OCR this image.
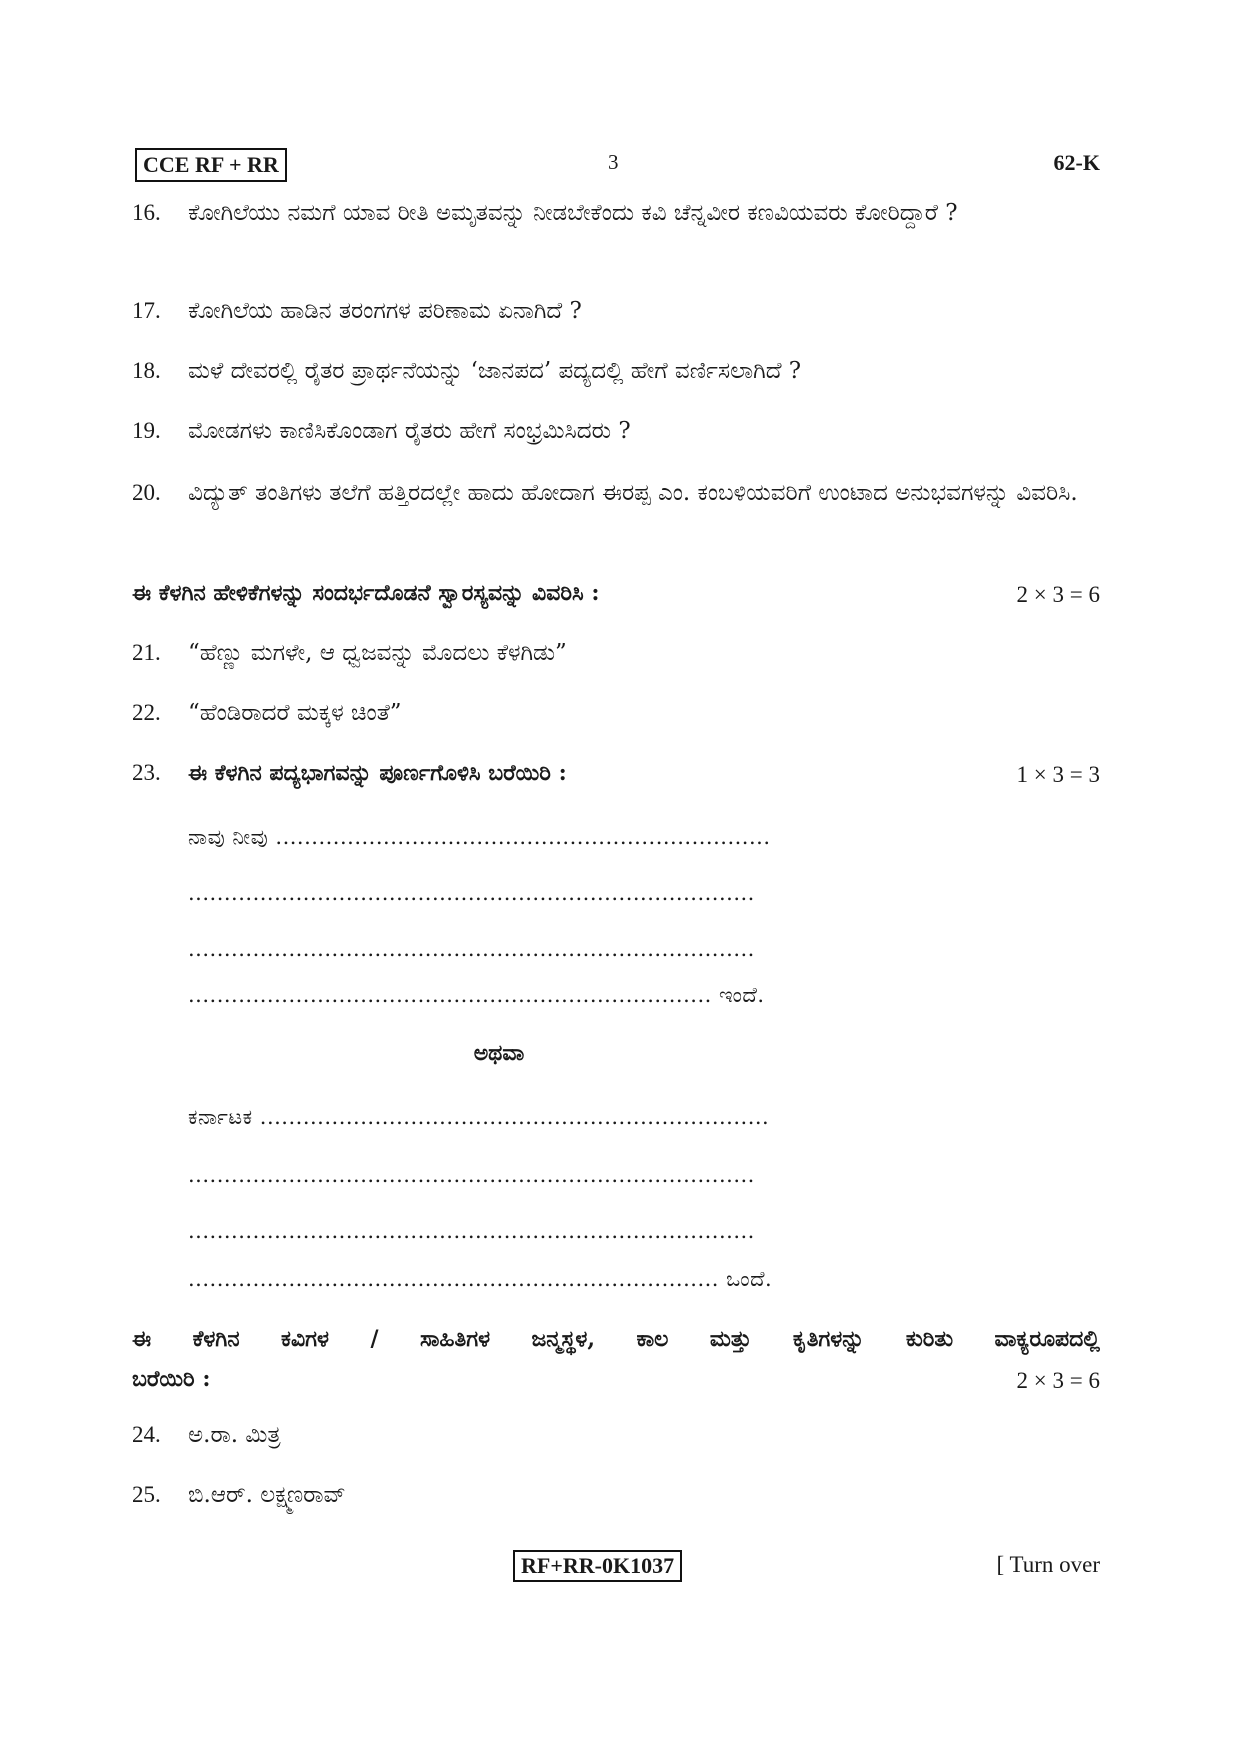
CCE RF + RR	3	62-K
16.	ಕೋಗಿಲೆಯು ನಮಗೆ ಯಾವ ರೀತಿ ಅಮೃತವನ್ನು ನೀಡಬೇಕೆಂದು ಕವಿ ಚೆನ್ನವೀರ ಕಣವಿಯವರು ಕೋರಿದ್ದಾರೆ ?
17.	ಕೋಗಿಲೆಯ ಹಾಡಿನ ತರಂಗಗಳ ಪರಿಣಾಮ ಏನಾಗಿದೆ ?
18.	ಮಳೆ ದೇವರಲ್ಲಿ ರೈತರ ಪ್ರಾರ್ಥನೆಯನ್ನು ‘ಜಾನಪದ’ ಪದ್ಯದಲ್ಲಿ ಹೇಗೆ ವರ್ಣಿಸಲಾಗಿದೆ ?
19.	ಮೋಡಗಳು ಕಾಣಿಸಿಕೊಂಡಾಗ ರೈತರು ಹೇಗೆ ಸಂಭ್ರಮಿಸಿದರು ?
20.	ವಿದ್ಯುತ್ ತಂತಿಗಳು ತಲೆಗೆ ಹತ್ತಿರದಲ್ಲೇ ಹಾದು ಹೋದಾಗ ಈರಪ್ಪ ಎಂ. ಕಂಬಳಿಯವರಿಗೆ ಉಂಟಾದ ಅನುಭವಗಳನ್ನು ವಿವರಿಸಿ.
ಈ ಕೆಳಗಿನ ಹೇಳಿಕೆಗಳನ್ನು ಸಂದರ್ಭದೊಡನೆ ಸ್ವಾರಸ್ಯವನ್ನು ವಿವರಿಸಿ :	2 × 3 = 6
21.	“ಹೆಣ್ಣು ಮಗಳೇ, ಆ ಧ್ವಜವನ್ನು ಮೊದಲು ಕೆಳಗಿಡು”
22.	“ಹೆಂಡಿರಾದರೆ ಮಕ್ಕಳ ಚಿಂತೆ”
23.	ಈ ಕೆಳಗಿನ ಪದ್ಯಭಾಗವನ್ನು ಪೂರ್ಣಗೊಳಿಸಿ ಬರೆಯಿರಿ :	1 × 3 = 3
ನಾವು ನೀವು .....................................................................
...............................................................................
...............................................................................
......................................................................... ಇಂದೆ.
ಅಥವಾ
ಕರ್ನಾಟಕ .......................................................................
...............................................................................
...............................................................................
.......................................................................... ಒಂದೆ.
ಈ ಕೆಳಗಿನ ಕವಿಗಳ / ಸಾಹಿತಿಗಳ ಜನ್ಮಸ್ಥಳ, ಕಾಲ ಮತ್ತು ಕೃತಿಗಳನ್ನು ಕುರಿತು ವಾಕ್ಯರೂಪದಲ್ಲಿ
ಬರೆಯಿರಿ :	2 × 3 = 6
24.	ಅ.ರಾ. ಮಿತ್ರ
25.	ಬಿ.ಆರ್. ಲಕ್ಷ್ಮಣರಾವ್
RF+RR-0K1037	[ Turn over
